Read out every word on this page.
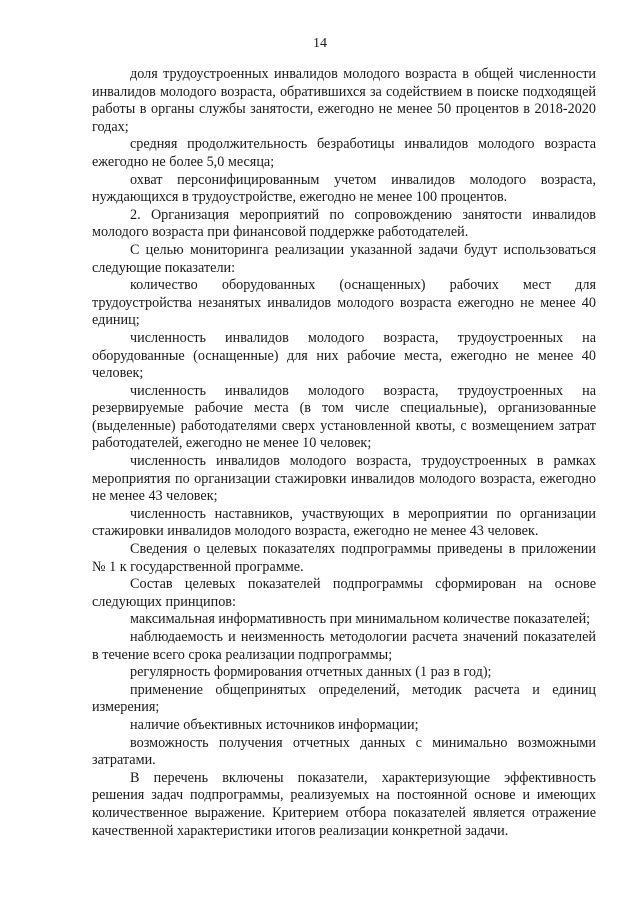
14

доля трудоустроенных инвалидов молодого возраста в общей численности инвалидов молодого возраста, обратившихся за содействием в поиске подходящей работы в органы службы занятости, ежегодно не менее 50 процентов в 2018-2020 годах;

средняя продолжительность безработицы инвалидов молодого возраста ежегодно не более 5,0 месяца;

охват персонифицированным учетом инвалидов молодого возраста, нуждающихся в трудоустройстве, ежегодно не менее 100 процентов.

2. Организация мероприятий по сопровождению занятости инвалидов молодого возраста при финансовой поддержке работодателей.

С целью мониторинга реализации указанной задачи будут использоваться следующие показатели:

количество оборудованных (оснащенных) рабочих мест для трудоустройства незанятых инвалидов молодого возраста ежегодно не менее 40 единиц;

численность инвалидов молодого возраста, трудоустроенных на оборудованные (оснащенные) для них рабочие места, ежегодно не менее 40 человек;

численность инвалидов молодого возраста, трудоустроенных на резервируемые рабочие места (в том числе специальные), организованные (выделенные) работодателями сверх установленной квоты, с возмещением затрат работодателей, ежегодно не менее 10 человек;

численность инвалидов молодого возраста, трудоустроенных в рамках мероприятия по организации стажировки инвалидов молодого возраста, ежегодно не менее 43 человек;

численность наставников, участвующих в мероприятии по организации стажировки инвалидов молодого возраста, ежегодно не менее 43 человек.

Сведения о целевых показателях подпрограммы приведены в приложении № 1 к государственной программе.

Состав целевых показателей подпрограммы сформирован на основе следующих принципов:

максимальная информативность при минимальном количестве показателей;

наблюдаемость и неизменность методологии расчета значений показателей в течение всего срока реализации подпрограммы;

регулярность формирования отчетных данных (1 раз в год);

применение общепринятых определений, методик расчета и единиц измерения;

наличие объективных источников информации;

возможность получения отчетных данных с минимально возможными затратами.

В перечень включены показатели, характеризующие эффективность решения задач подпрограммы, реализуемых на постоянной основе и имеющих количественное выражение. Критерием отбора показателей является отражение качественной характеристики итогов реализации конкретной задачи.
